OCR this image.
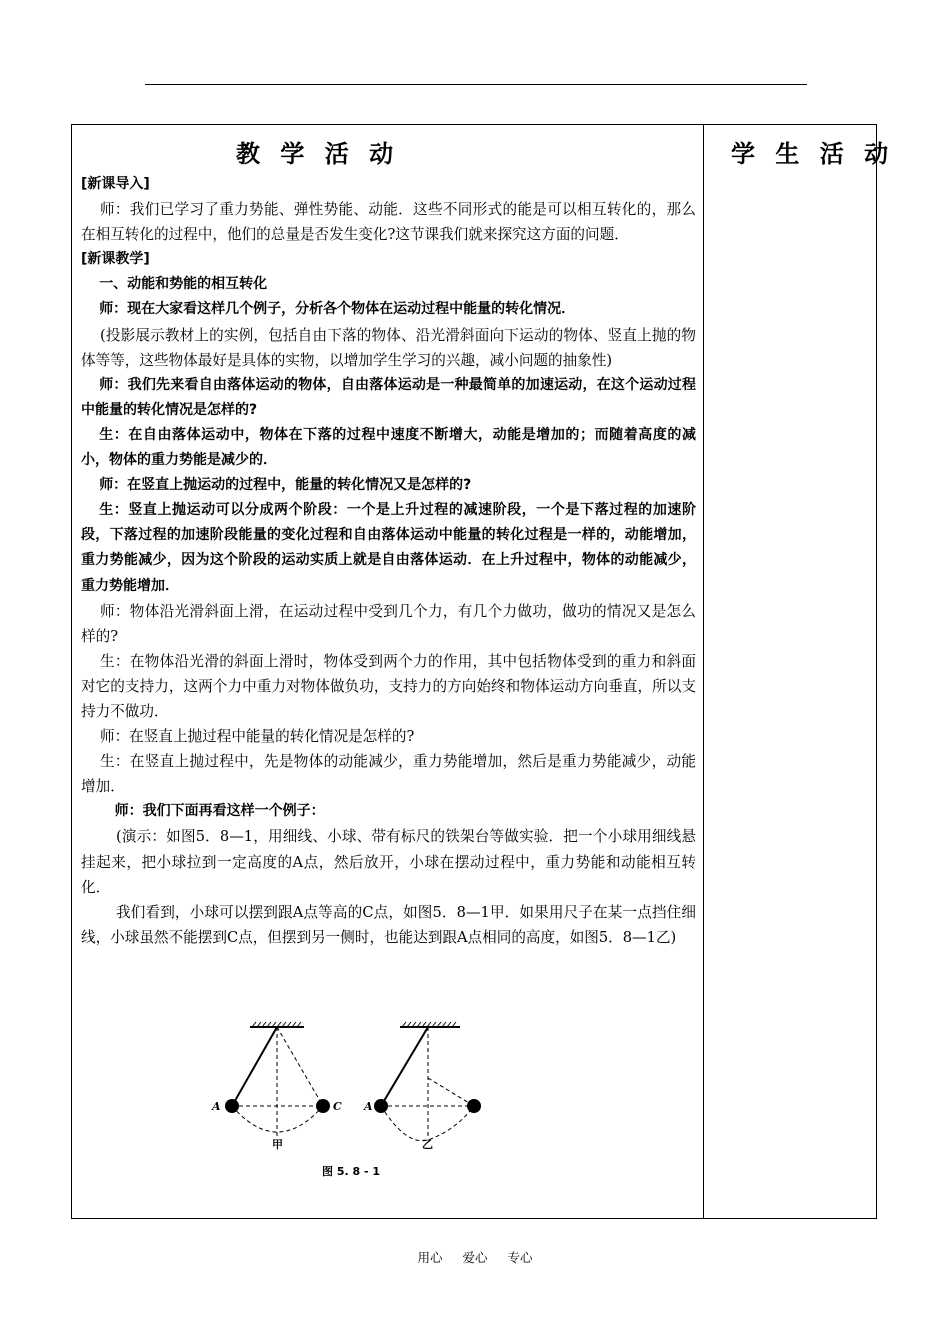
教 学 活 动	学 生 活 动

[新课导入]

师：我们已学习了重力势能、弹性势能、动能．这些不同形式的能是可以相互转化的，那么在相互转化的过程中，他们的总量是否发生变化?这节课我们就来探究这方面的问题．

[新课教学]

一、动能和势能的相互转化

师：现在大家看这样几个例子，分析各个物体在运动过程中能量的转化情况．

(投影展示教材上的实例，包括自由下落的物体、沿光滑斜面向下运动的物体、竖直上抛的物体等等，这些物体最好是具体的实物，以增加学生学习的兴趣，减小问题的抽象性)

师：我们先来看自由落体运动的物体，自由落体运动是一种最简单的加速运动，在这个运动过程中能量的转化情况是怎样的?

生：在自由落体运动中，物体在下落的过程中速度不断增大，动能是增加的；而随着高度的减小，物体的重力势能是减少的．

师：在竖直上抛运动的过程中，能量的转化情况又是怎样的?

生：竖直上抛运动可以分成两个阶段：一个是上升过程的减速阶段，一个是下落过程的加速阶段，下落过程的加速阶段能量的变化过程和自由落体运动中能量的转化过程是一样的，动能增加，重力势能减少，因为这个阶段的运动实质上就是自由落体运动．在上升过程中，物体的动能减少，重力势能增加．

师：物体沿光滑斜面上滑，在运动过程中受到几个力，有几个力做功，做功的情况又是怎么样的?

生：在物体沿光滑的斜面上滑时，物体受到两个力的作用，其中包括物体受到的重力和斜面对它的支持力，这两个力中重力对物体做负功，支持力的方向始终和物体运动方向垂直，所以支持力不做功．

师：在竖直上抛过程中能量的转化情况是怎样的?

生：在竖直上抛过程中，先是物体的动能减少，重力势能增加，然后是重力势能减少，动能增加．

师：我们下面再看这样一个例子：

(演示：如图5．8—1，用细线、小球、带有标尺的铁架台等做实验．把一个小球用细线悬挂起来，把小球拉到一定高度的A点，然后放开，小球在摆动过程中，重力势能和动能相互转化．

我们看到，小球可以摆到跟A点等高的C点，如图5．8—1甲．如果用尺子在某一点挡住细线，小球虽然不能摆到C点，但摆到另一侧时，也能达到跟A点相同的高度，如图5．8—1乙)

A	C
甲
A
乙
图 5. 8 - 1
用心 爱心 专心
